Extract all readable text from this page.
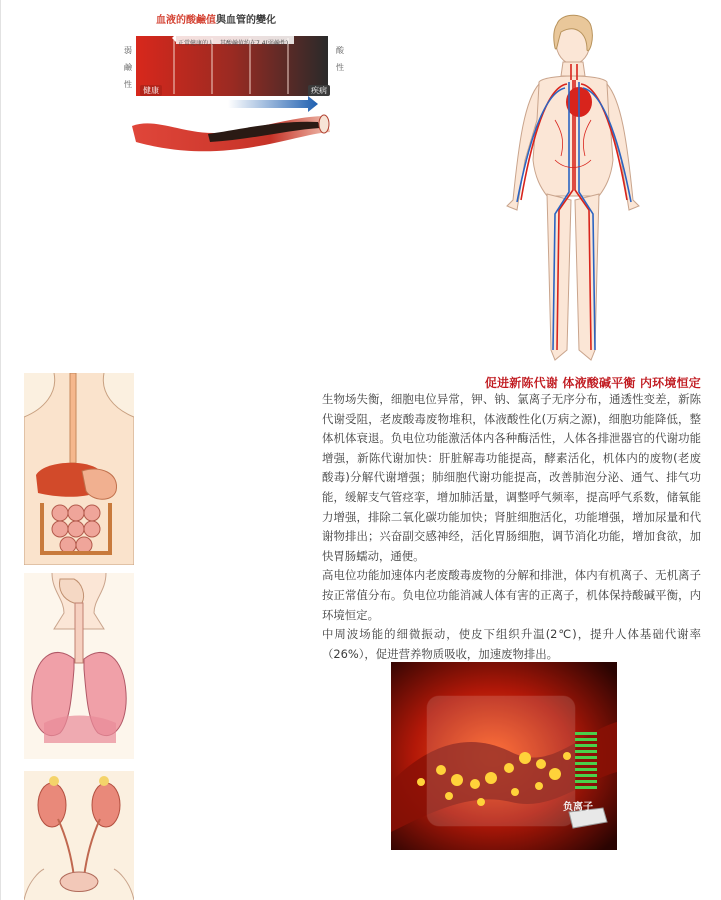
血液的酸鹼值與血管的變化
弱
鹼
性
酸
性
正常健康的人，其酸鹼值約在7.4(弱鹼性)
健康	疾病
促进新陈代谢 体液酸碱平衡 内环境恒定

生物场失衡，细胞电位异常，钾、钠、氯离子无序分布，通透性变差，新陈代谢受阻，老废酸毒废物堆积，体液酸性化(万病之源)，细胞功能降低，整体机体衰退。负电位功能激活体内各种酶活性，人体各排泄器官的代谢功能增强，新陈代谢加快：肝脏解毒功能提高，酵素活化，机体内的废物(老废酸毒)分解代谢增强；肺细胞代谢功能提高，改善肺泡分泌、通气、排气功能，缓解支气管痉挛，增加肺活量，调整呼气频率，提高呼气系数，储氧能力增强，排除二氧化碳功能加快；肾脏细胞活化，功能增强，增加尿量和代谢物排出；兴奋副交感神经，活化胃肠细胞，调节消化功能，增加食欲，加快胃肠蠕动，通便。

高电位功能加速体内老废酸毒废物的分解和排泄，体内有机离子、无机离子按正常值分布。负电位功能消减人体有害的正离子，机体保持酸碱平衡，内环境恒定。

中周波场能的细微振动，使皮下组织升温(2℃)，提升人体基础代谢率（26%），促进营养物质吸收，加速废物排出。

负离子
